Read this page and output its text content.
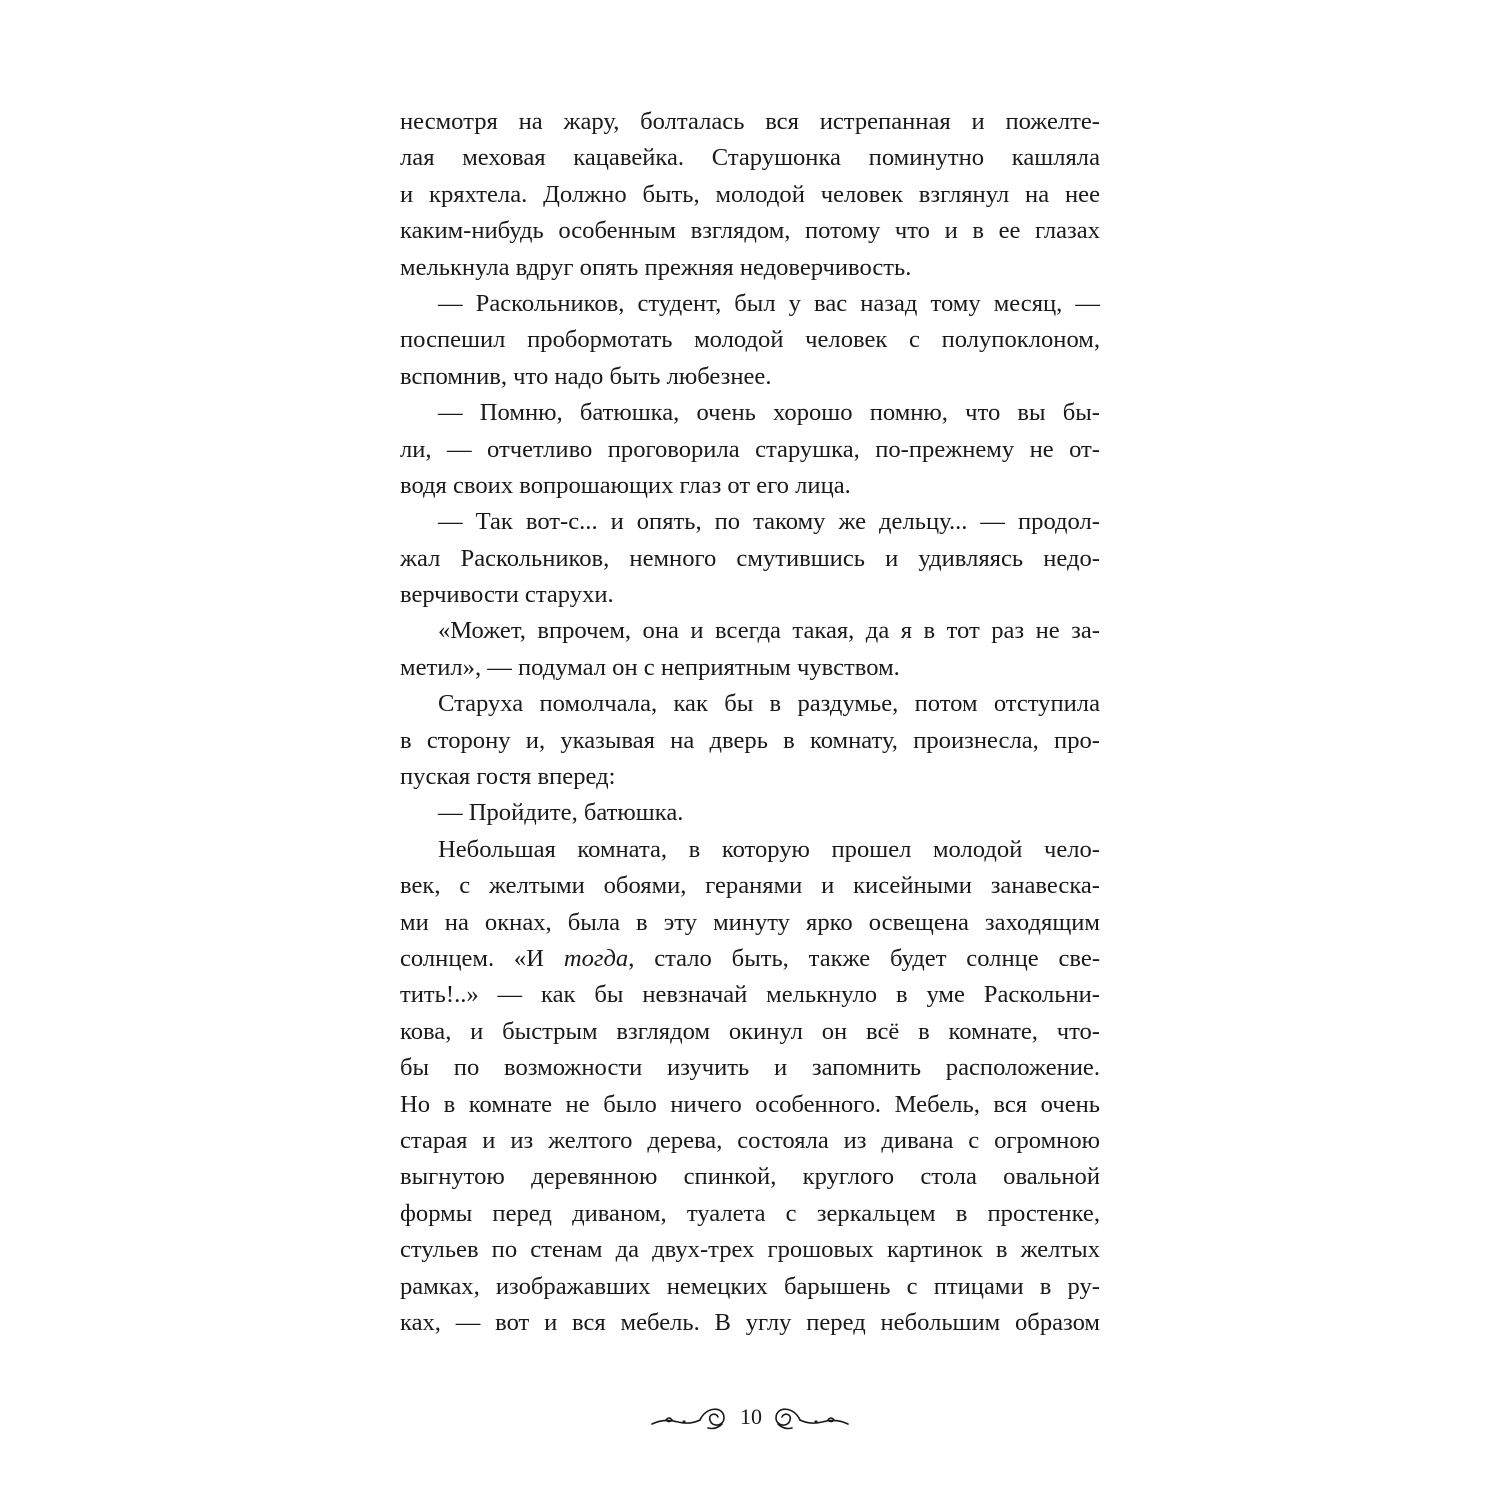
несмотря на жару, болталась вся истрепанная и пожелте-
лая меховая кацавейка. Старушонка поминутно кашляла
и кряхтела. Должно быть, молодой человек взглянул на нее
каким-нибудь особенным взглядом, потому что и в ее глазах
мелькнула вдруг опять прежняя недоверчивость.
— Раскольников, студент, был у вас назад тому месяц, —
поспешил пробормотать молодой человек с полупоклоном,
вспомнив, что надо быть любезнее.
— Помню, батюшка, очень хорошо помню, что вы бы-
ли, — отчетливо проговорила старушка, по-прежнему не от-
водя своих вопрошающих глаз от его лица.
— Так вот-с... и опять, по такому же дельцу... — продол-
жал Раскольников, немного смутившись и удивляясь недо-
верчивости старухи.
«Может, впрочем, она и всегда такая, да я в тот раз не за-
метил», — подумал он с неприятным чувством.
Старуха помолчала, как бы в раздумье, потом отступила
в сторону и, указывая на дверь в комнату, произнесла, про-
пуская гостя вперед:
— Пройдите, батюшка.
Небольшая комната, в которую прошел молодой чело-
век, с желтыми обоями, геранями и кисейными занавеска-
ми на окнах, была в эту минуту ярко освещена заходящим
солнцем. «И тогда, стало быть, также будет солнце све-
тить!..» — как бы невзначай мелькнуло в уме Раскольни-
кова, и быстрым взглядом окинул он всё в комнате, что-
бы по возможности изучить и запомнить расположение.
Но в комнате не было ничего особенного. Мебель, вся очень
старая и из желтого дерева, состояла из дивана с огромною
выгнутою деревянною спинкой, круглого стола овальной
формы перед диваном, туалета с зеркальцем в простенке,
стульев по стенам да двух-трех грошовых картинок в желтых
рамках, изображавших немецких барышень с птицами в ру-
ках, — вот и вся мебель. В углу перед небольшим образом
10
